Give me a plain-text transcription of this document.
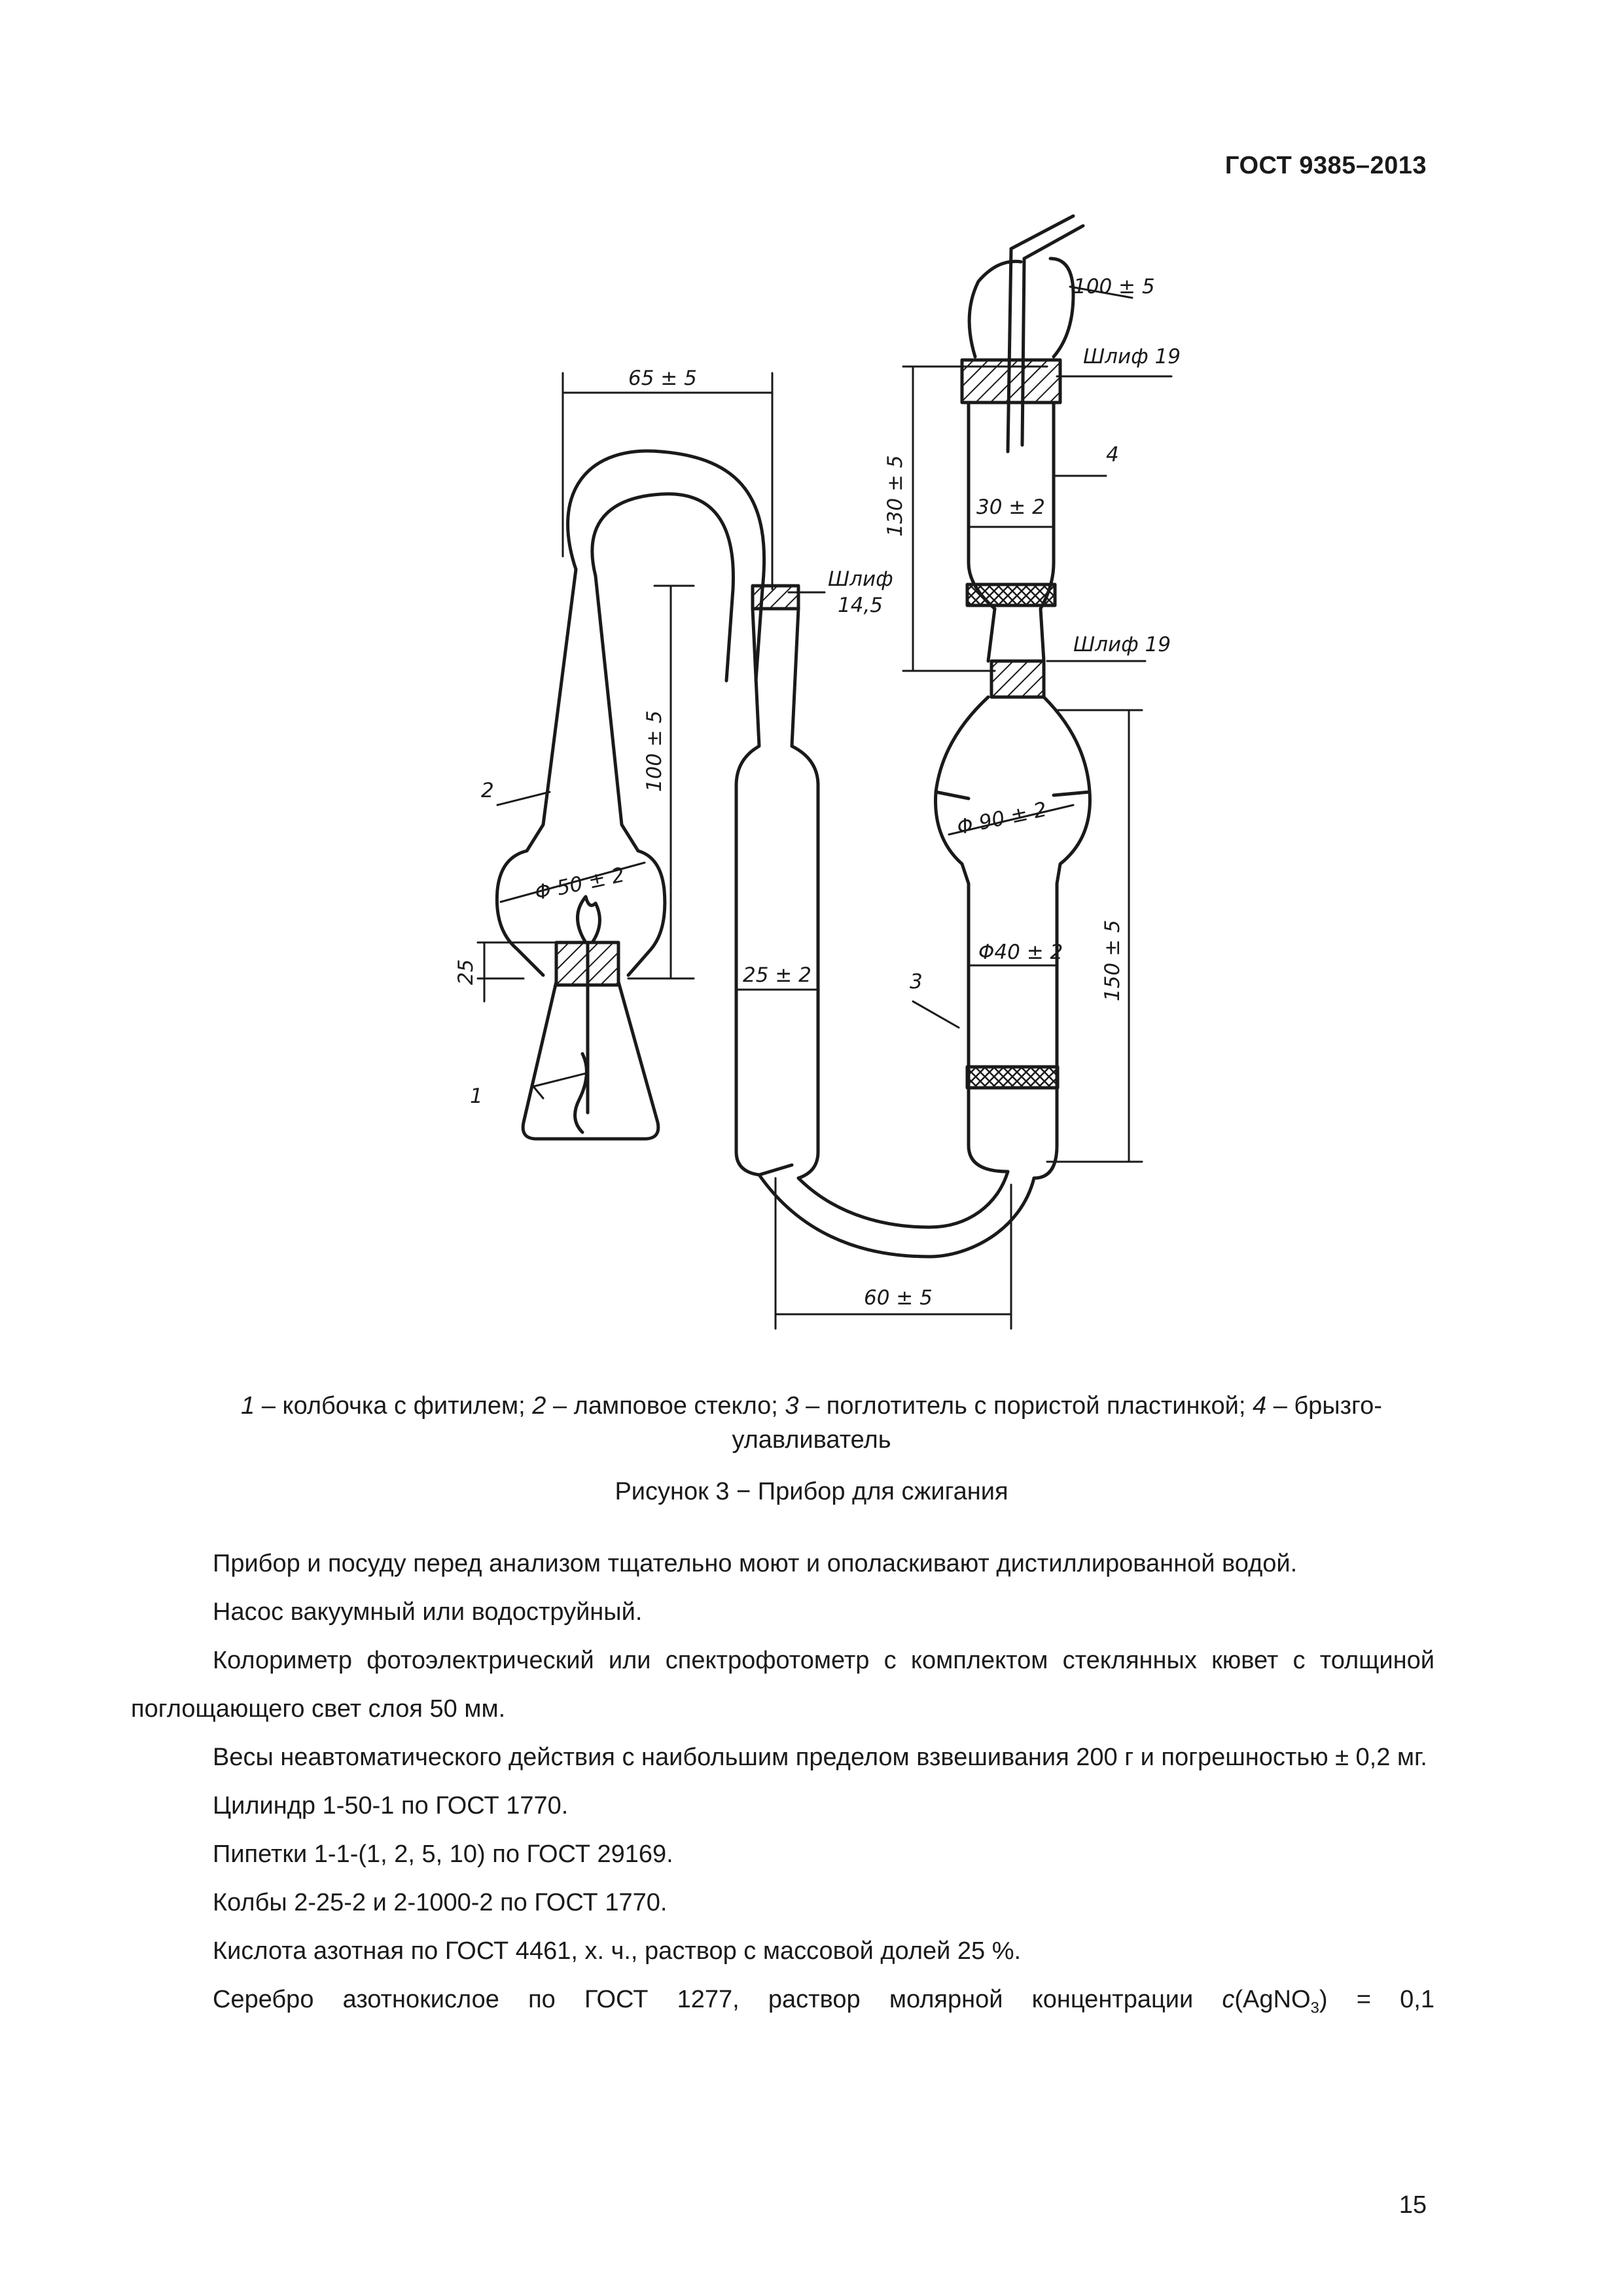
ГОСТ 9385–2013
100 ± 5
65 ± 5
Шлиф 19
Шлиф
14,5
Шлиф 19
4
130 ± 5	30 ± 2
100 ± 5
2
Φ 50 ± 2
Φ 90 ± 2
Φ40 ± 2
25	25 ± 2	3	150 ± 5
1
60 ± 5
1 – колбочка с фитилем; 2 – ламповое стекло; 3 – поглотитель с пористой пластинкой; 4 – брызго-
улавливатель
Рисунок 3 − Прибор для сжигания

Прибор и посуду перед анализом тщательно моют и ополаскивают дистиллированной водой.

Насос вакуумный или водоструйный.

Колориметр фотоэлектрический или спектрофотометр с комплектом стеклянных кювет с толщиной поглощающего свет слоя 50 мм.

Весы неавтоматического действия с наибольшим пределом взвешивания 200 г и погрешностью ± 0,2 мг.

Цилиндр 1-50-1 по ГОСТ 1770.

Пипетки 1-1-(1, 2, 5, 10) по ГОСТ 29169.

Колбы 2-25-2 и 2-1000-2 по ГОСТ 1770.

Кислота азотная по ГОСТ 4461, х. ч., раствор с массовой долей 25 %.

Серебро азотнокислое по ГОСТ 1277, раствор молярной концентрации c(AgNO$_3$) = 0,1

15
